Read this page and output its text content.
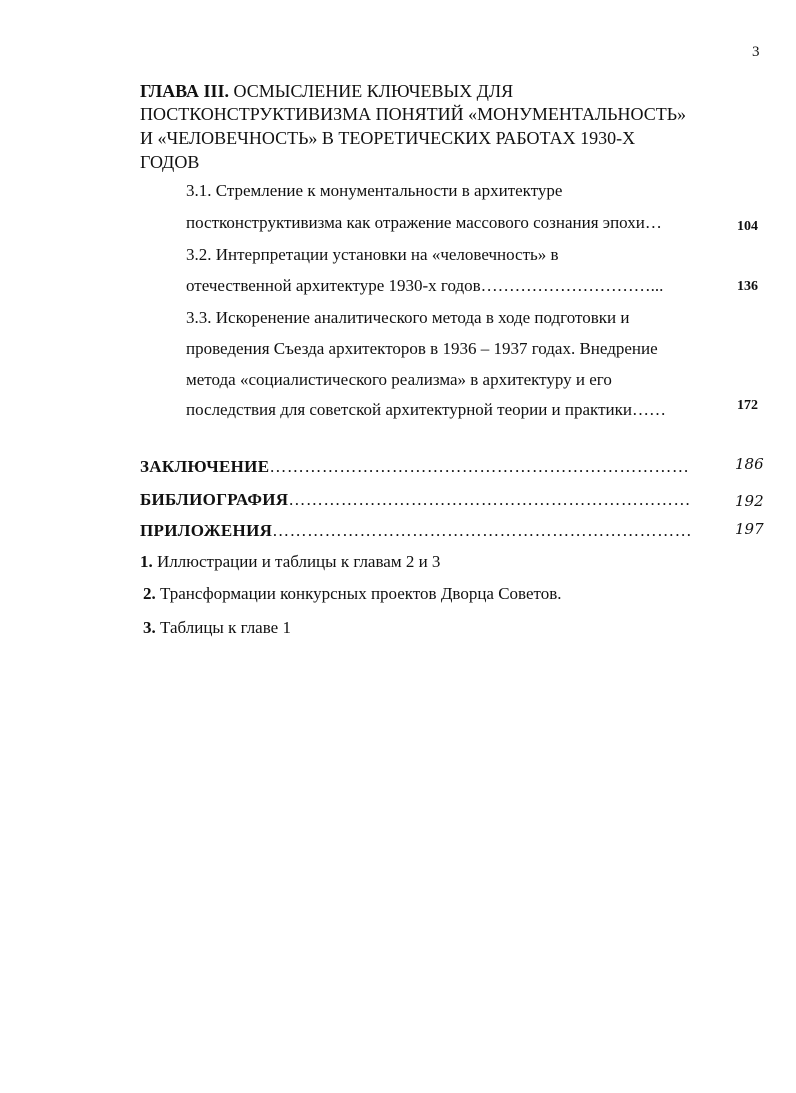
3
ГЛАВА III. ОСМЫСЛЕНИЕ КЛЮЧЕВЫХ ДЛЯ
ПОСТКОНСТРУКТИВИЗМА ПОНЯТИЙ «МОНУМЕНТАЛЬНОСТЬ»
И «ЧЕЛОВЕЧНОСТЬ» В ТЕОРЕТИЧЕСКИХ РАБОТАХ 1930-Х
ГОДОВ
3.1. Стремление к монументальности в архитектуре
постконструктивизма как отражение массового сознания эпохи…	104
3.2. Интерпретации установки на «человечность» в
отечественной архитектуре 1930-х годов…………………………...	136
3.3. Искоренение аналитического метода в ходе подготовки и
проведения Съезда архитекторов в 1936 – 1937 годах. Внедрение
метода «социалистического реализма» в архитектуру и его
последствия для советской архитектурной теории и практики……	172
ЗАКЛЮЧЕНИЕ………………………………………………………………	186
БИБЛИОГРАФИЯ……………………………………………………………	192
ПРИЛОЖЕНИЯ………………………………………………………………	197
1. Иллюстрации и таблицы к главам 2 и 3
2. Трансформации конкурсных проектов Дворца Советов.
3. Таблицы к главе 1
